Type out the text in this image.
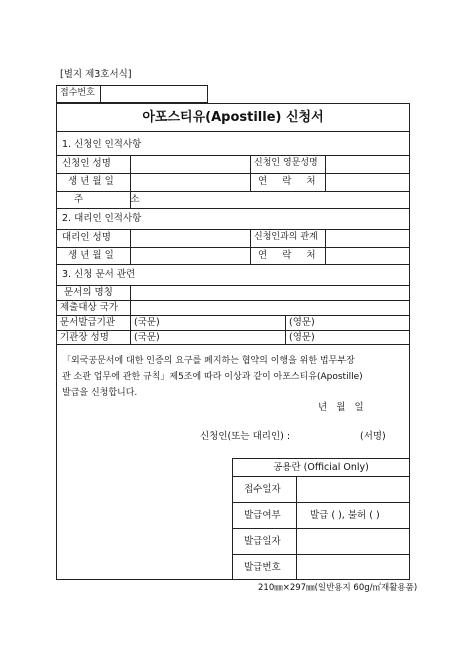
[별지 제3호서식]
접수번호
아포스티유(Apostille) 신청서
1. 신청인 인적사항
신청인 성명	신청인 영문성명
생 년 월 일	연 락 처
주 소
2. 대리인 인적사항
대리인 성명	신청인과의 관계
생 년 월 일	연 락 처
3. 신청 문서 관련
문서의 명칭
제출대상 국가
문서발급기관 (국문)	(영문)
기관장 성명	(국문)	(영문)
「외국공문서에 대한 인증의 요구를 폐지하는 협약의 이행을 위한 법무부장
관 소관 업무에 관한 규칙」제5조에 따라 이상과 같이 아포스티유(Apostille)
발급을 신청합니다.
년   월   일
신청인(또는 대리인) :	(서명)
공용란 (Official Only)
접수일자
발급여부	발급 ( ), 불허 ( )
발급일자
발급번호
210㎜×297㎜(일반용지 60g/㎡재활용품)
